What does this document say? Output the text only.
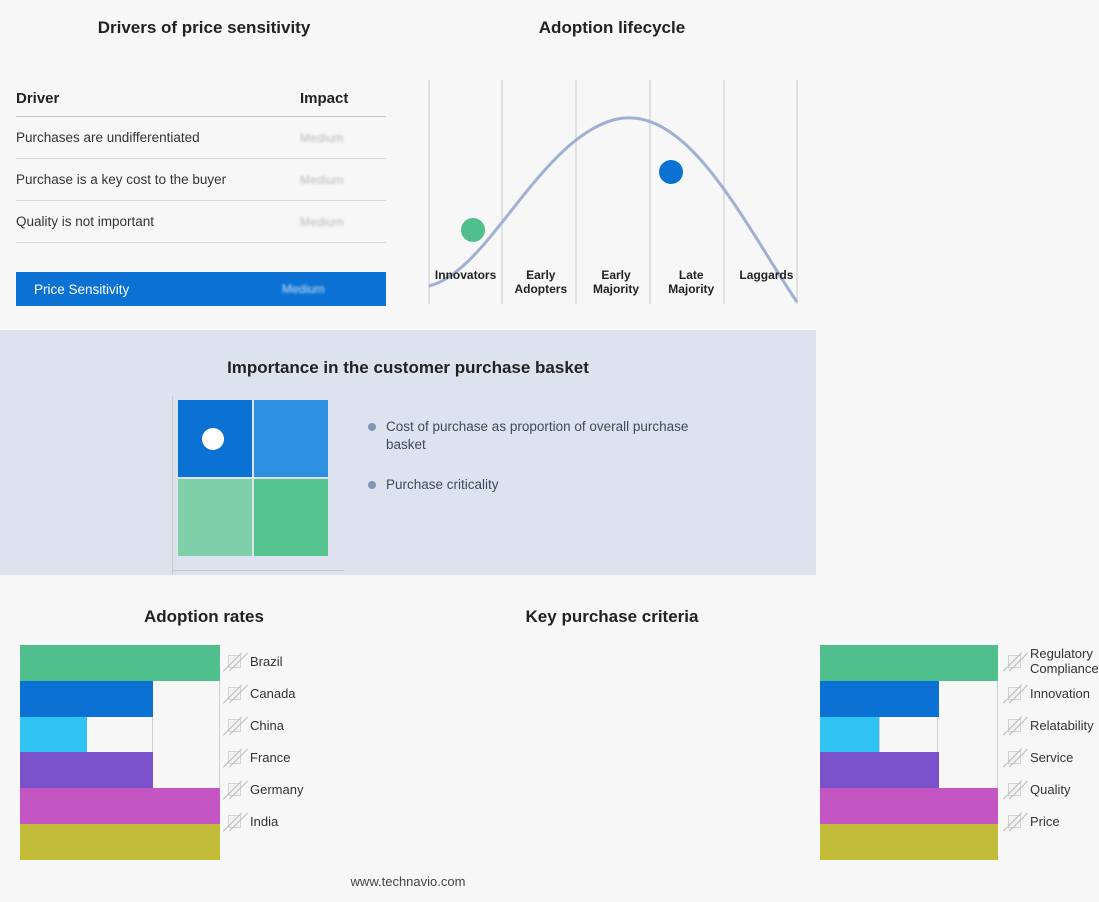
Drivers of price sensitivity
Driver	Impact
Purchases are undifferentiated	Medium
Purchase is a key cost to the buyer	Medium
Quality is not important	Medium
Price Sensitivity	Medium
Adoption lifecycle
Innovators	Early
Adopters
Early
Majority
Late
Majority
Laggards
Importance in the customer purchase basket
Cost of purchase as proportion of overall purchase basket
Purchase criticality
Adoption rates
Brazil
Canada
China
France
Germany
India
Key purchase criteria
Regulatory Compliance
Innovation
Relatability
Service
Quality
Price
www.technavio.com
